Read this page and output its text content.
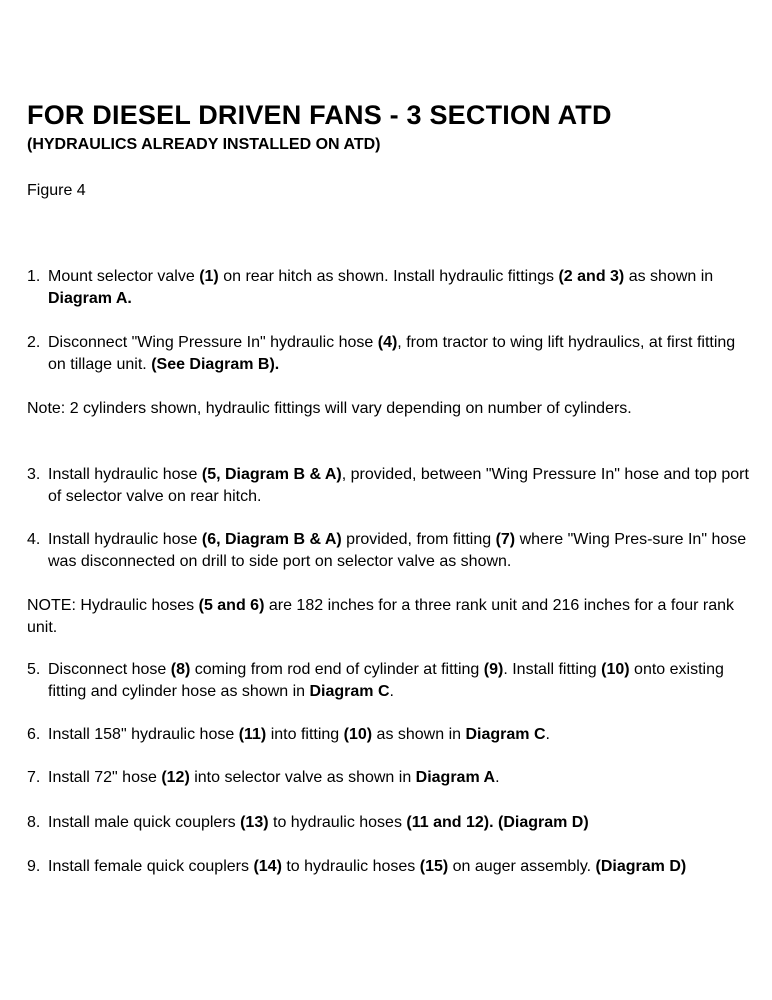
FOR DIESEL DRIVEN FANS - 3 SECTION ATD
(HYDRAULICS ALREADY INSTALLED ON ATD)

Figure 4

1. Mount selector valve (1) on rear hitch as shown. Install hydraulic fittings (2 and 3) as shown in Diagram A.
2. Disconnect "Wing Pressure In" hydraulic hose (4), from tractor to wing lift hydraulics, at first fitting on tillage unit. (See Diagram B).

Note: 2 cylinders shown, hydraulic fittings will vary depending on number of cylinders.

3. Install hydraulic hose (5, Diagram B & A), provided, between "Wing Pressure In" hose and top port of selector valve on rear hitch.
4. Install hydraulic hose (6, Diagram B & A) provided, from fitting (7) where "Wing Pres-sure In" hose was disconnected on drill to side port on selector valve as shown.

NOTE: Hydraulic hoses (5 and 6) are 182 inches for a three rank unit and 216 inches for a four rank unit.

5. Disconnect hose (8) coming from rod end of cylinder at fitting (9). Install fitting (10) onto existing fitting and cylinder hose as shown in Diagram C.
6. Install 158" hydraulic hose (11) into fitting (10) as shown in Diagram C.
7. Install 72" hose (12) into selector valve as shown in Diagram A.
8. Install male quick couplers (13) to hydraulic hoses (11 and 12). (Diagram D)
9. Install female quick couplers (14) to hydraulic hoses (15) on auger assembly. (Diagram D)
